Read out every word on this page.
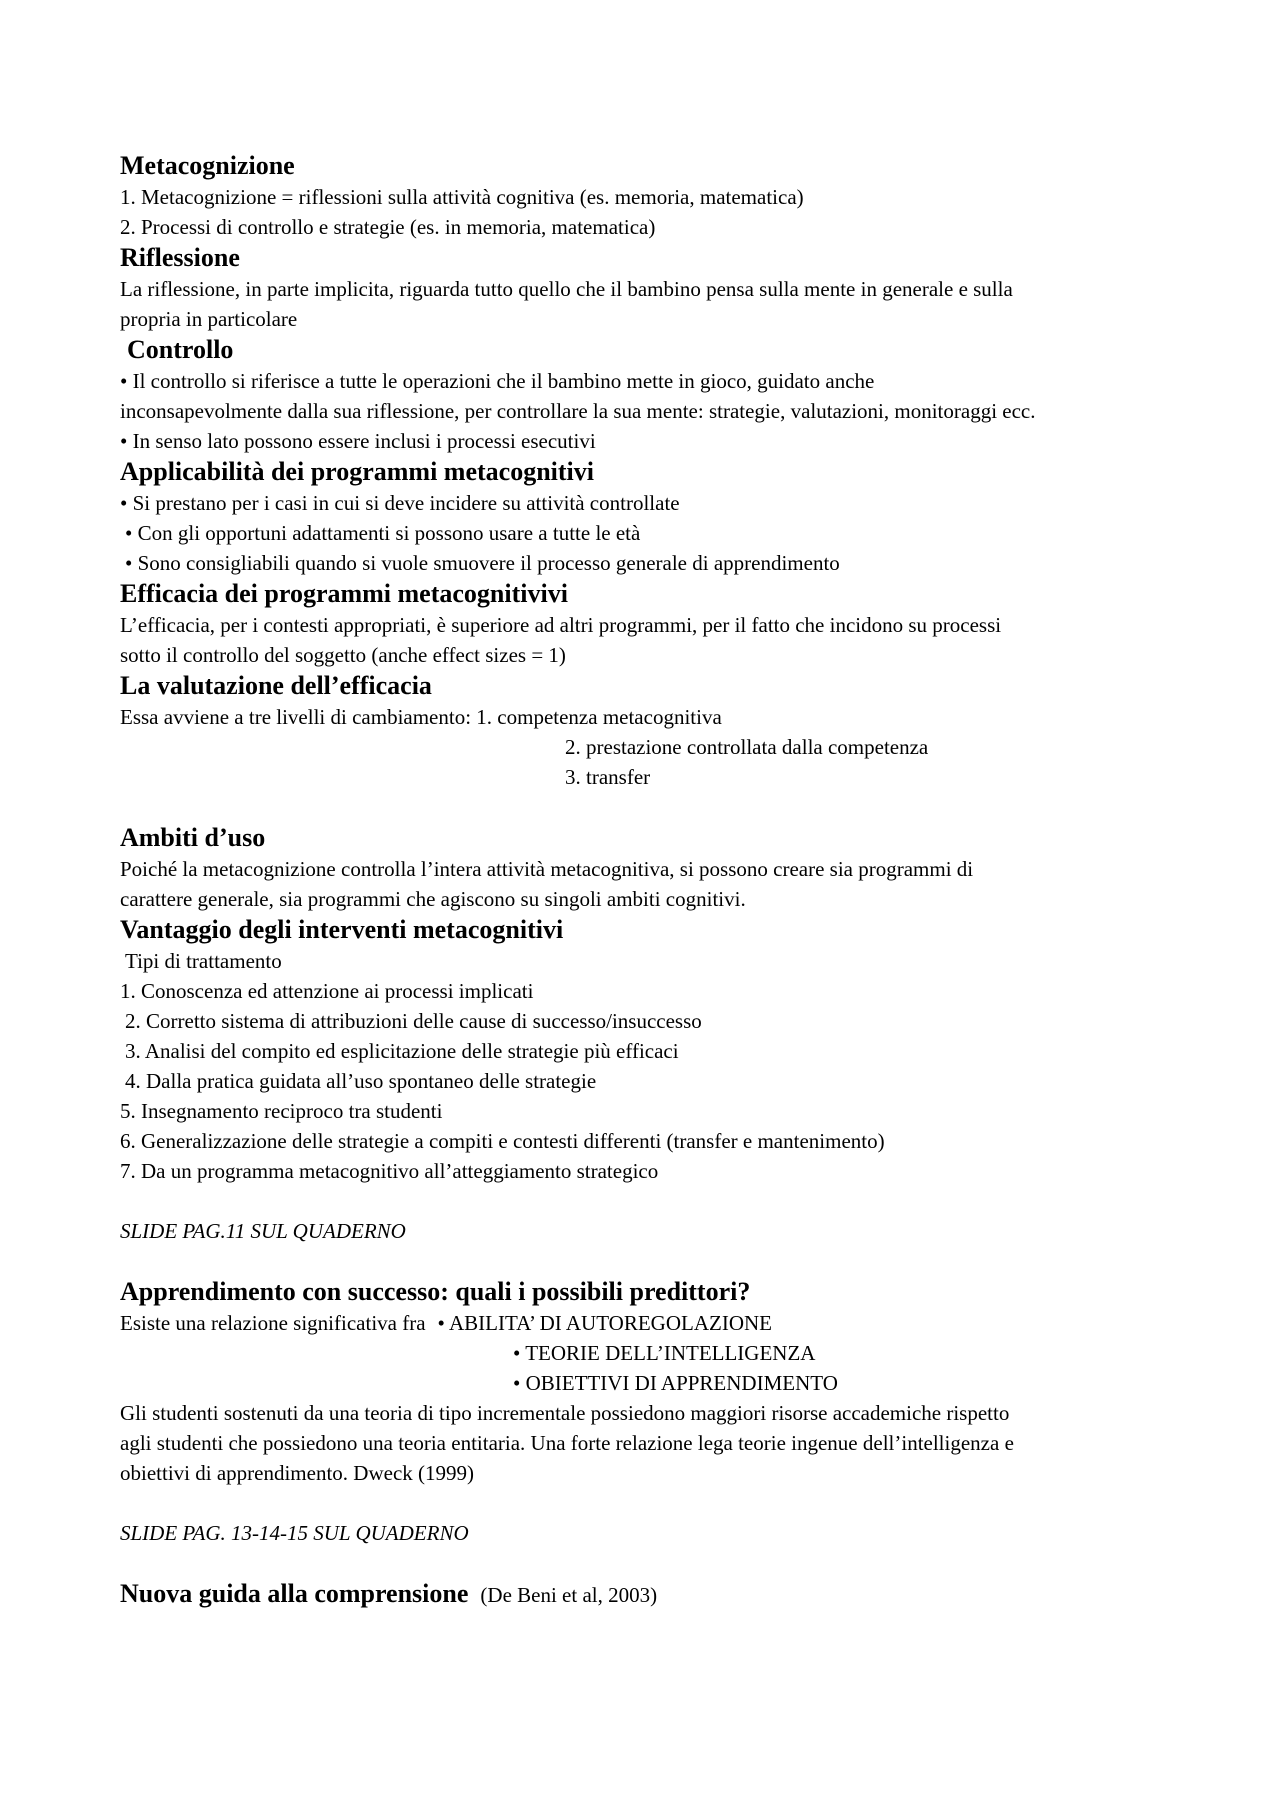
Metacognizione
1. Metacognizione = riflessioni sulla attività cognitiva (es. memoria, matematica)
2. Processi di controllo e strategie (es. in memoria, matematica)
Riflessione
La riflessione, in parte implicita, riguarda tutto quello che il bambino pensa sulla mente in generale e sulla
propria in particolare
Controllo
• Il controllo si riferisce a tutte le operazioni che il bambino mette in gioco, guidato anche
inconsapevolmente dalla sua riflessione, per controllare la sua mente: strategie, valutazioni, monitoraggi ecc.
• In senso lato possono essere inclusi i processi esecutivi
Applicabilità dei programmi metacognitivi
• Si prestano per i casi in cui si deve incidere su attività controllate
• Con gli opportuni adattamenti si possono usare a tutte le età
• Sono consigliabili quando si vuole smuovere il processo generale di apprendimento
Efficacia dei programmi metacognitivivi
L’efficacia, per i contesti appropriati, è superiore ad altri programmi, per il fatto che incidono su processi
sotto il controllo del soggetto (anche effect sizes = 1)
La valutazione dell’efficacia
Essa avviene a tre livelli di cambiamento: 1. competenza metacognitiva
2. prestazione controllata dalla competenza
3. transfer
Ambiti d’uso
Poiché la metacognizione controlla l’intera attività metacognitiva, si possono creare sia programmi di
carattere generale, sia programmi che agiscono su singoli ambiti cognitivi.
Vantaggio degli interventi metacognitivi
Tipi di trattamento
1. Conoscenza ed attenzione ai processi implicati
2. Corretto sistema di attribuzioni delle cause di successo/insuccesso
3. Analisi del compito ed esplicitazione delle strategie più efficaci
4. Dalla pratica guidata all’uso spontaneo delle strategie
5. Insegnamento reciproco tra studenti
6. Generalizzazione delle strategie a compiti e contesti differenti (transfer e mantenimento)
7. Da un programma metacognitivo all’atteggiamento strategico
SLIDE PAG.11 SUL QUADERNO
Apprendimento con successo: quali i possibili predittori?
Esiste una relazione significativa fra • ABILITA’ DI AUTOREGOLAZIONE
• TEORIE DELL’INTELLIGENZA
• OBIETTIVI DI APPRENDIMENTO
Gli studenti sostenuti da una teoria di tipo incrementale possiedono maggiori risorse accademiche rispetto
agli studenti che possiedono una teoria entitaria. Una forte relazione lega teorie ingenue dell’intelligenza e
obiettivi di apprendimento. Dweck (1999)
SLIDE PAG. 13-14-15 SUL QUADERNO
Nuova guida alla comprensione (De Beni et al, 2003)
